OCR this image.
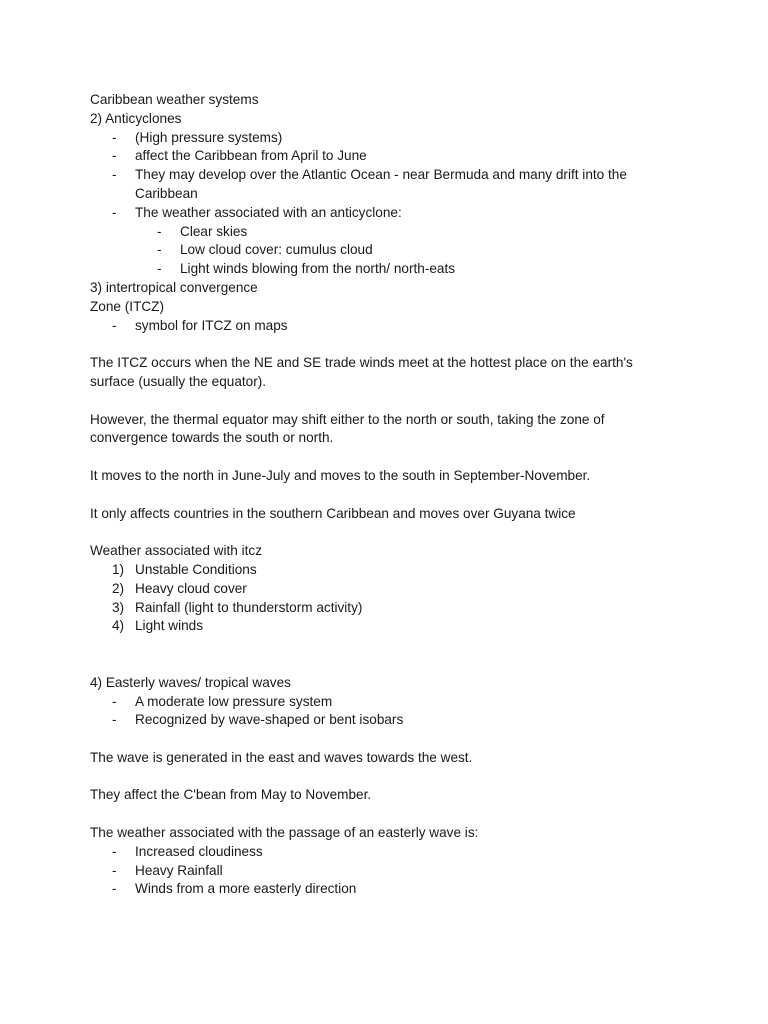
Caribbean weather systems

2) Anticyclones

- (High pressure systems)
- affect the Caribbean from April to June
- They may develop over the Atlantic Ocean - near Bermuda and many drift into the Caribbean
- The weather associated with an anticyclone:
- Clear skies
- Low cloud cover: cumulus cloud
- Light winds blowing from the north/ north-eats

3) intertropical convergence

Zone (ITCZ)

- symbol for ITCZ on maps

The ITCZ occurs when the NE and SE trade winds meet at the hottest place on the earth's surface (usually the equator).

However, the thermal equator may shift either to the north or south, taking the zone of convergence towards the south or north.

It moves to the north in June-July and moves to the south in September-November.

It only affects countries in the southern Caribbean and moves over Guyana twice

Weather associated with itcz

1) Unstable Conditions
2) Heavy cloud cover
3) Rainfall (light to thunderstorm activity)
4) Light winds

4) Easterly waves/ tropical waves

- A moderate low pressure system
- Recognized by wave-shaped or bent isobars

The wave is generated in the east and waves towards the west.

They affect the C'bean from May to November.

The weather associated with the passage of an easterly wave is:

- Increased cloudiness
- Heavy Rainfall
- Winds from a more easterly direction
